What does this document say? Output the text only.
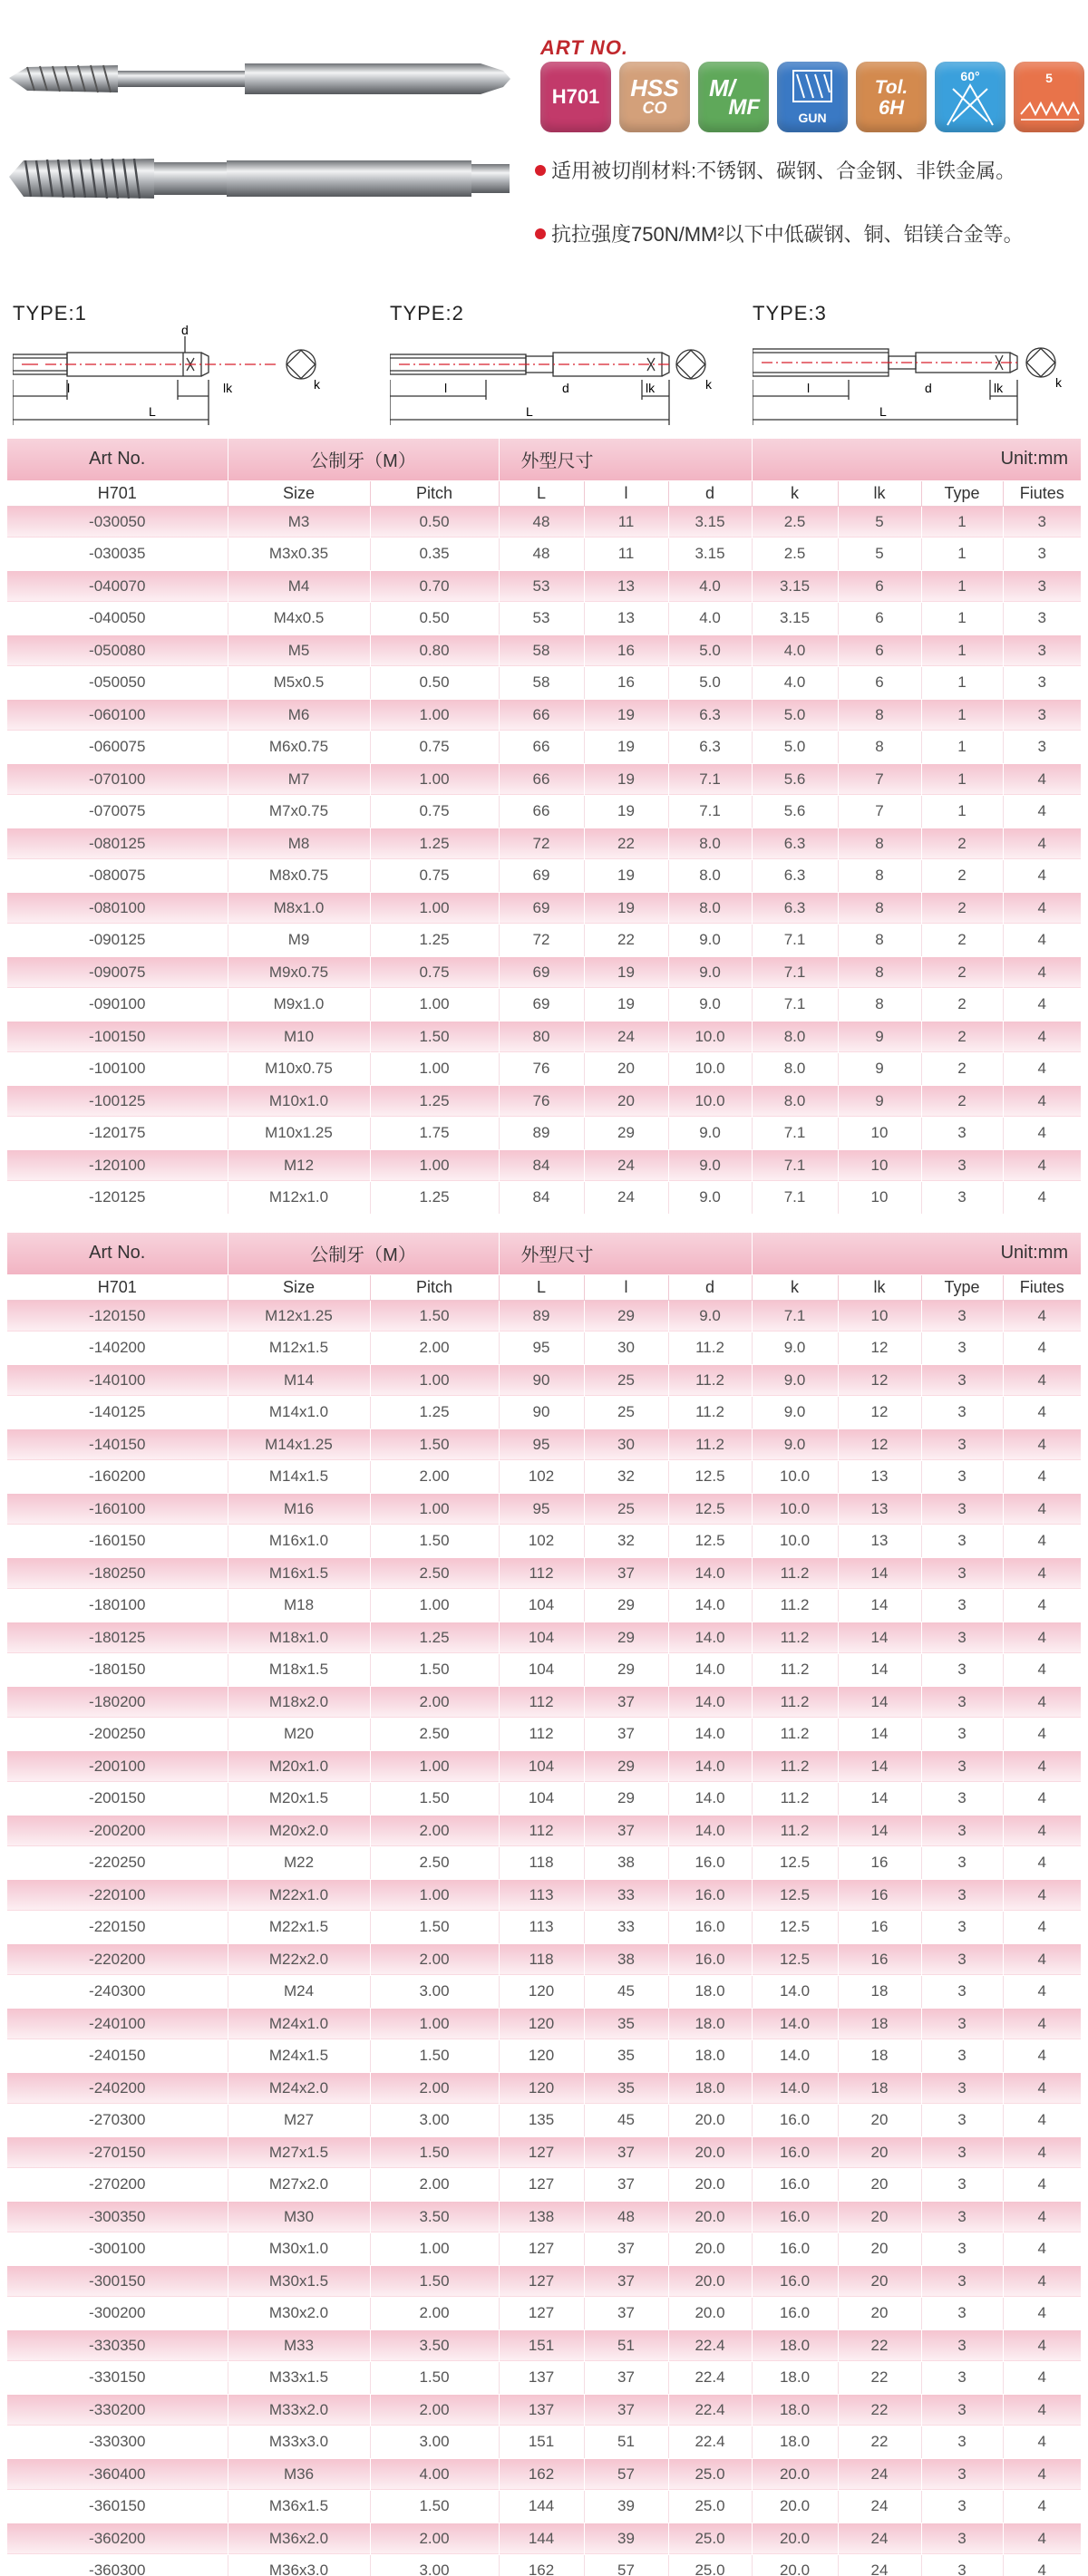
ART NO.
H701 HSS
CO
M/
MF	GUN
Tol.
6H
60°	5
适用被切削材料:不锈钢、碳钢、合金钢、非铁金属。
抗拉强度750N/MM²以下中低碳钢、铜、铝镁合金等。
TYPE:1
d
l
L
lk	k
TYPE:2
l	d	lk
L
k
TYPE:3
l	d	lk
L
k
Art No.	公制牙（M）		外型尺寸			Unit:mm			
H701	Size	Pitch	L	l	d	k	lk	Type	Fiutes
-030050	M3	0.50	48	11	3.15	2.5	5	1	3
-030035	M3x0.35	0.35	48	11	3.15	2.5	5	1	3
-040070	M4	0.70	53	13	4.0	3.15	6	1	3
-040050	M4x0.5	0.50	53	13	4.0	3.15	6	1	3
-050080	M5	0.80	58	16	5.0	4.0	6	1	3
-050050	M5x0.5	0.50	58	16	5.0	4.0	6	1	3
-060100	M6	1.00	66	19	6.3	5.0	8	1	3
-060075	M6x0.75	0.75	66	19	6.3	5.0	8	1	3
-070100	M7	1.00	66	19	7.1	5.6	7	1	4
-070075	M7x0.75	0.75	66	19	7.1	5.6	7	1	4
-080125	M8	1.25	72	22	8.0	6.3	8	2	4
-080075	M8x0.75	0.75	69	19	8.0	6.3	8	2	4
-080100	M8x1.0	1.00	69	19	8.0	6.3	8	2	4
-090125	M9	1.25	72	22	9.0	7.1	8	2	4
-090075	M9x0.75	0.75	69	19	9.0	7.1	8	2	4
-090100	M9x1.0	1.00	69	19	9.0	7.1	8	2	4
-100150	M10	1.50	80	24	10.0	8.0	9	2	4
-100100	M10x0.75	1.00	76	20	10.0	8.0	9	2	4
-100125	M10x1.0	1.25	76	20	10.0	8.0	9	2	4
-120175	M10x1.25	1.75	89	29	9.0	7.1	10	3	4
-120100	M12	1.00	84	24	9.0	7.1	10	3	4
-120125	M12x1.0	1.25	84	24	9.0	7.1	10	3	4
Art No.	公制牙（M）		外型尺寸			Unit:mm			
H701	Size	Pitch	L	l	d	k	lk	Type	Fiutes
-120150	M12x1.25	1.50	89	29	9.0	7.1	10	3	4
-140200	M12x1.5	2.00	95	30	11.2	9.0	12	3	4
-140100	M14	1.00	90	25	11.2	9.0	12	3	4
-140125	M14x1.0	1.25	90	25	11.2	9.0	12	3	4
-140150	M14x1.25	1.50	95	30	11.2	9.0	12	3	4
-160200	M14x1.5	2.00	102	32	12.5	10.0	13	3	4
-160100	M16	1.00	95	25	12.5	10.0	13	3	4
-160150	M16x1.0	1.50	102	32	12.5	10.0	13	3	4
-180250	M16x1.5	2.50	112	37	14.0	11.2	14	3	4
-180100	M18	1.00	104	29	14.0	11.2	14	3	4
-180125	M18x1.0	1.25	104	29	14.0	11.2	14	3	4
-180150	M18x1.5	1.50	104	29	14.0	11.2	14	3	4
-180200	M18x2.0	2.00	112	37	14.0	11.2	14	3	4
-200250	M20	2.50	112	37	14.0	11.2	14	3	4
-200100	M20x1.0	1.00	104	29	14.0	11.2	14	3	4
-200150	M20x1.5	1.50	104	29	14.0	11.2	14	3	4
-200200	M20x2.0	2.00	112	37	14.0	11.2	14	3	4
-220250	M22	2.50	118	38	16.0	12.5	16	3	4
-220100	M22x1.0	1.00	113	33	16.0	12.5	16	3	4
-220150	M22x1.5	1.50	113	33	16.0	12.5	16	3	4
-220200	M22x2.0	2.00	118	38	16.0	12.5	16	3	4
-240300	M24	3.00	120	45	18.0	14.0	18	3	4
-240100	M24x1.0	1.00	120	35	18.0	14.0	18	3	4
-240150	M24x1.5	1.50	120	35	18.0	14.0	18	3	4
-240200	M24x2.0	2.00	120	35	18.0	14.0	18	3	4
-270300	M27	3.00	135	45	20.0	16.0	20	3	4
-270150	M27x1.5	1.50	127	37	20.0	16.0	20	3	4
-270200	M27x2.0	2.00	127	37	20.0	16.0	20	3	4
-300350	M30	3.50	138	48	20.0	16.0	20	3	4
-300100	M30x1.0	1.00	127	37	20.0	16.0	20	3	4
-300150	M30x1.5	1.50	127	37	20.0	16.0	20	3	4
-300200	M30x2.0	2.00	127	37	20.0	16.0	20	3	4
-330350	M33	3.50	151	51	22.4	18.0	22	3	4
-330150	M33x1.5	1.50	137	37	22.4	18.0	22	3	4
-330200	M33x2.0	2.00	137	37	22.4	18.0	22	3	4
-330300	M33x3.0	3.00	151	51	22.4	18.0	22	3	4
-360400	M36	4.00	162	57	25.0	20.0	24	3	4
-360150	M36x1.5	1.50	144	39	25.0	20.0	24	3	4
-360200	M36x2.0	2.00	144	39	25.0	20.0	24	3	4
-360300	M36x3.0	3.00	162	57	25.0	20.0	24	3	4
